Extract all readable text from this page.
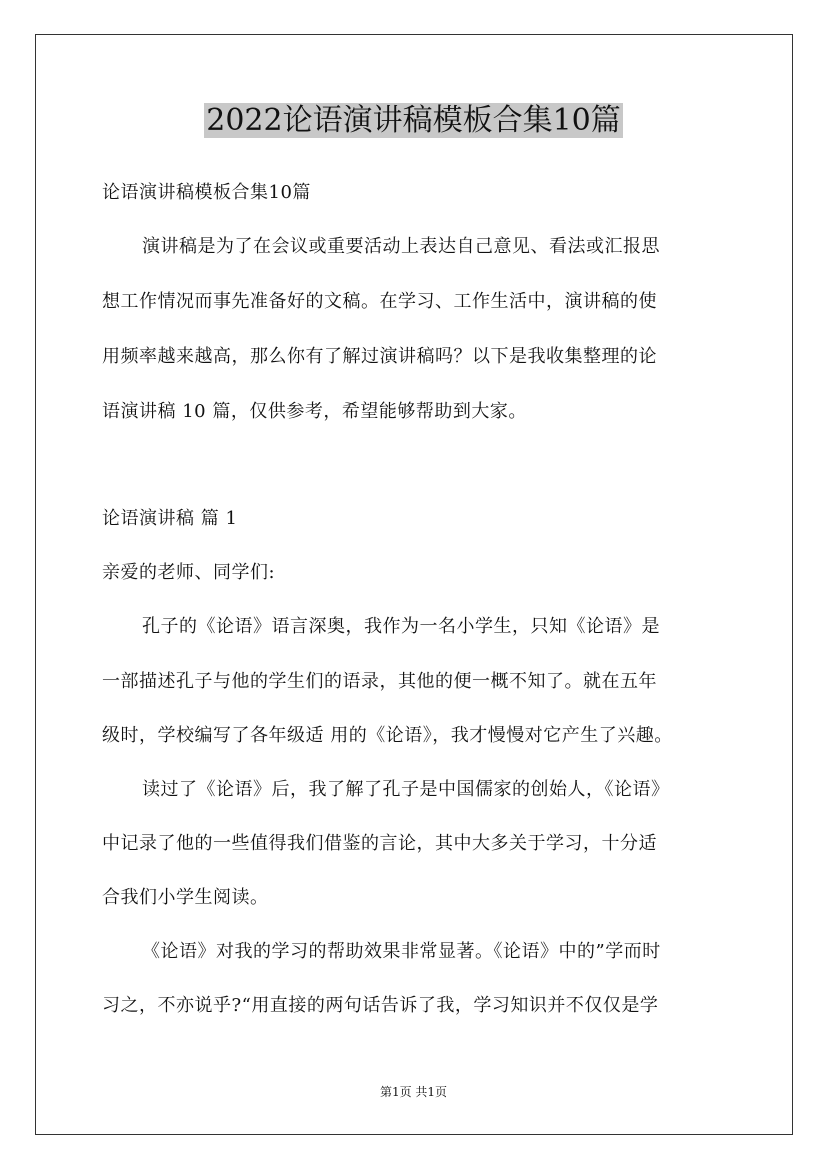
2022论语演讲稿模板合集10篇
论语演讲稿模板合集10篇
演讲稿是为了在会议或重要活动上表达自己意见、看法或汇报思
想工作情况而事先准备好的文稿。在学习、工作生活中，演讲稿的使
用频率越来越高，那么你有了解过演讲稿吗？以下是我收集整理的论
语演讲稿 10 篇，仅供参考，希望能够帮助到大家。
论语演讲稿 篇 1
亲爱的老师、同学们:
孔子的《论语》语言深奥，我作为一名小学生，只知《论语》是
一部描述孔子与他的学生们的语录，其他的便一概不知了。就在五年
级时，学校编写了各年级适 用的《论语》，我才慢慢对它产生了兴趣。
读过了《论语》后，我了解了孔子是中国儒家的创始人，《论语》
中记录了他的一些值得我们借鉴的言论，其中大多关于学习，十分适
合我们小学生阅读。
《论语》对我的学习的帮助效果非常显著。《论语》中的”学而时
习之，不亦说乎?“用直接的两句话告诉了我，学习知识并不仅仅是学
第1页 共1页
